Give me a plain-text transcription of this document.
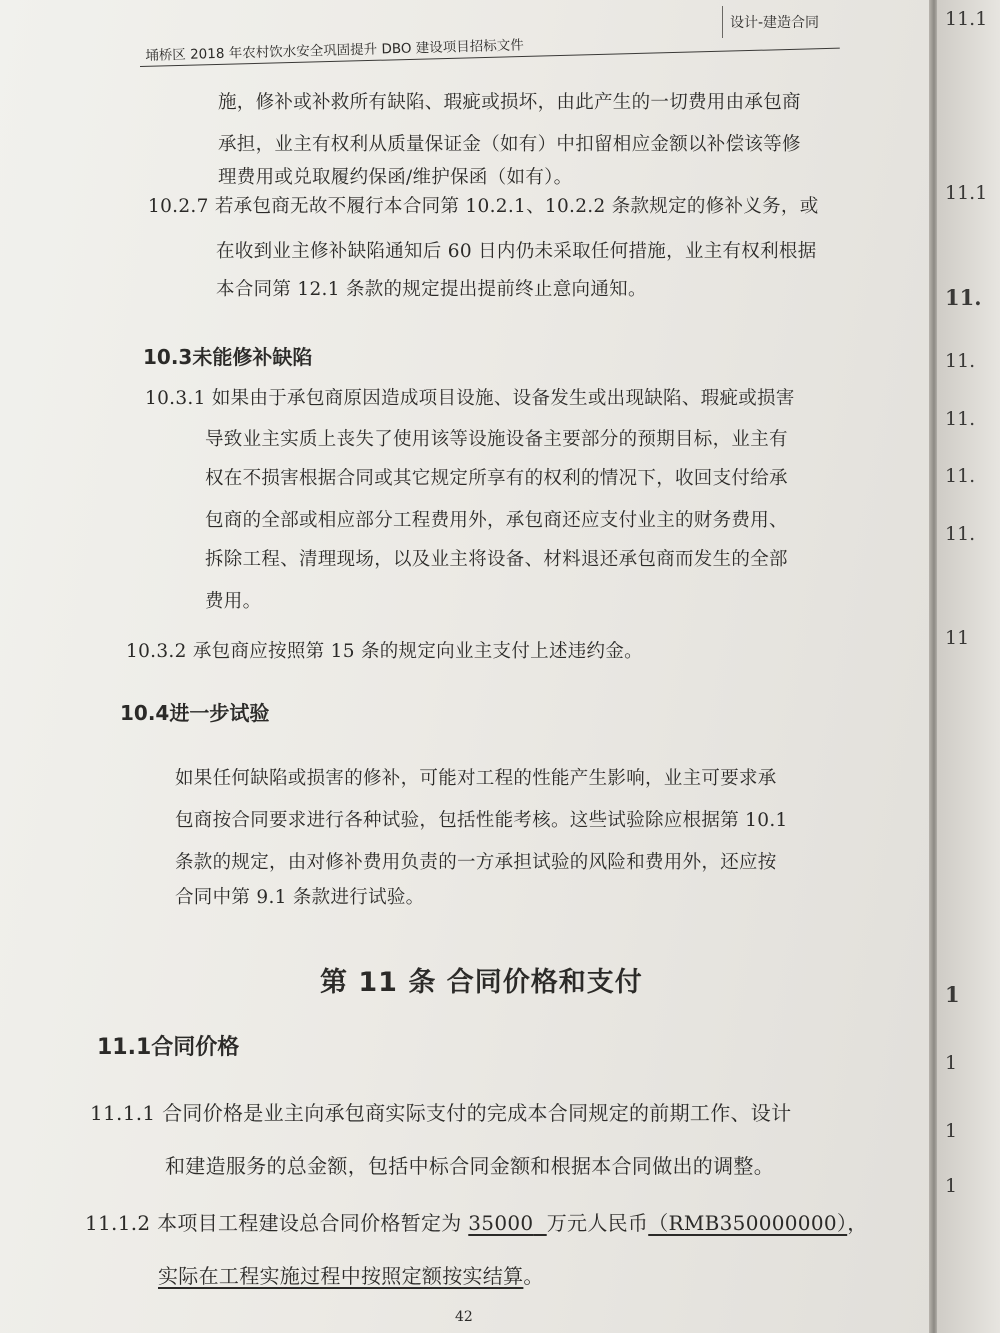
设计-建造合同
埇桥区 2018 年农村饮水安全巩固提升 DBO 建设项目招标文件
施，修补或补救所有缺陷、瑕疵或损坏，由此产生的一切费用由承包商
承担，业主有权利从质量保证金（如有）中扣留相应金额以补偿该等修
理费用或兑取履约保函/维护保函（如有）。
10.2.7 若承包商无故不履行本合同第 10.2.1、10.2.2 条款规定的修补义务，或
在收到业主修补缺陷通知后 60 日内仍未采取任何措施，业主有权利根据
本合同第 12.1 条款的规定提出提前终止意向通知。
10.3未能修补缺陷
10.3.1 如果由于承包商原因造成项目设施、设备发生或出现缺陷、瑕疵或损害
导致业主实质上丧失了使用该等设施设备主要部分的预期目标，业主有
权在不损害根据合同或其它规定所享有的权利的情况下，收回支付给承
包商的全部或相应部分工程费用外，承包商还应支付业主的财务费用、
拆除工程、清理现场，以及业主将设备、材料退还承包商而发生的全部
费用。
10.3.2 承包商应按照第 15 条的规定向业主支付上述违约金。
10.4进一步试验
如果任何缺陷或损害的修补，可能对工程的性能产生影响，业主可要求承
包商按合同要求进行各种试验，包括性能考核。这些试验除应根据第 10.1
条款的规定，由对修补费用负责的一方承担试验的风险和费用外，还应按
合同中第 9.1 条款进行试验。
第 11 条 合同价格和支付
11.1合同价格
11.1.1 合同价格是业主向承包商实际支付的完成本合同规定的前期工作、设计
和建造服务的总金额，包括中标合同金额和根据本合同做出的调整。
11.1.2 本项目工程建设总合同价格暂定为 35000 万元人民币（RMB350000000），
实际在工程实施过程中按照定额按实结算。
42
11.1
11.1
11.
11.
11.
11.
11.
11
1
1
1
1
